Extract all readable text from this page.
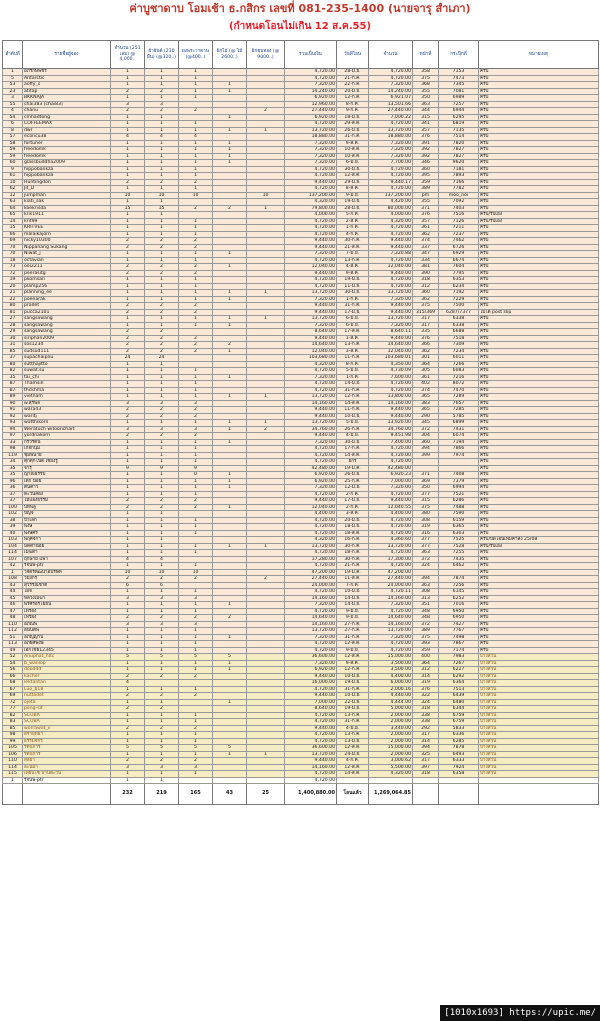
ค่าบูชาดาบ โอมเช้า ธ.กสิกร เลขที่ 081-235-1400 (นายจารุ สำเภา)
(กำหนดโอนไม่เกิน 12 ส.ค.55)
ลำดับที่	รายชื่อผู้จอง	จำนวน (251 เล่ม) @ 4,000..	ผ้ายันต์ (230 ผืน) (@320..)	ผงพระวาดาน (@400..)	ฝักไม้ (@ ไม้ 2600..)	ฝักชุบทอง (@ 9000..)	รวมเป็นเงิน	วันที่โอน	จำนวน	หน้าที่	กระปุ๊กที่	หมายเหตุ
1	อภิรักษ์พชร	1	1	1			4,720.00	28-มิ.ย.	4,720.00	358	7153	ครบ
5	Antarctic	1	1	1			4,720.00	21-ก.ค.	4,720.00	375	7473	ครบ
53	aoffy_s	1	1	1	1		7,320.00	22-ก.ค.	7,320.00	368	7345	ครบ
23	atitap	2	2	1	1		14,240.00	20-มิ.ย.	14,240.00	355	7081	ครบ
3	BKKNAJA	1	1	1			6,920.00	12-ก.ค.	6,921.07	350	6989	ครบ
55	chai383 [chai83]	3	3				12,960.00	8-ก.ค.	13,501.66	363	7257	ครบ
4	chanu	2	2	2		2	27,440.00	9-ก.ค.	27,440.00	344	6944	ครบ
54	cmhadtong	1	1		1		6,920.00	18-มิ.ย.	7,000.22	315	6295	ครบ
6	COFFEEMAX	1	1	1			4,720.00	29-ส.ค.	4,720.00	341	6819	ครบ
8	dwr	1	1	1	1	1	13,720.00	26-มิ.ย.	13,720.00	357	7135	ครบ
57	econcu38	4	4	4			18,880.00	31-ก.ค.	18,880.00	376	7514	ครบ
58	fortuner	1	1	1	1		7,320.00	9-ส.ค.	7,320.00	391	7820	ครบ
59	freedomk	1	1	1	1		7,320.00	10-ส.ค.	7,320.00	392	7827	ครบ
59	freedomk	1	1	1	1		7,320.00	10-ส.ค.	7,320.00	392	7827	ครบ
60	glassbuddha2009	1	1	1	1		7,320.00	6-มิ.ย.	7,700.00	346	9620	ครบ
9	hippobankza	1	1	1			4,720.00	30-มิ.ย.	4,720.00	360	7181	ครบ
61	hippobankza	1	1	1			4,720.00	12-ส.ค.	4,720.00	395	7893	ครบ
10	Huntingdon	2	2	2			9,440.00	29-มิ.ย.	9,440.17	359	7166	ครบ
62	Jit_D	1	1	1			4,720.00	8-ส.ค.	4,720.00	389	7782	ครบ
12	jumpman	10	10	10		10	137,200.00	9-มิ.ย.	137,200.00	pm	moo_noi	ครบ
63	kiati_sak	1	1				4,320.00	19-มิ.ย.	4,420.00	355	7092	ครบ
64	koekrisda	15	15	2	2	1	79,800.00	28-มิ.ย.	80,000.00	371	7403	ครบ
65	kris1911	1	1				4,000.00	5-ก.ค.	4,000.00	376	7516	ครบ/รับเอง
14	krit99	1	1	1			4,720.00	2-ส.ค.	4,320.00	357	7126	ครบ/รับเอง
15	KRITVEE	1	1	1			4,720.00	1-ก.ค.	4,720.00	361	7211	ครบ
66	malaikajorn	1	1	1			4,720.00	4-ก.ค.	4,720.00	362	7237	ครบ
69	nicky10300	2	2	2			9,440.00	30-ก.ค.	9,440.00	374	7462	ครบ
70	Nippanang Sukang	2	2	2			9,440.00	21-ส.ค.	9,440.00	337	6726	ครบ
70	Niwat_j	1	1	1	1		7,320.00	7-มิ.ย.	7,320.88	347	6929	ครบ
18	octavian	1	1	1			4,720.00	13-ก.ค.	4,720.00	334	6674	ครบ
73	ooi2211	2	2	2	1		12,040.00	4-ส.ค.	12,040.00	381	7604	ครบ
72	peerasitg	2	2	2			9,440.00	9-ส.ค.	9,440.00	390	7795	ครบ
19	pkomsan	1	1	1			4,720.00	19-มิ.ย.	4,720.00	318	6353	ครบ
20	plamp256	1	1	1			4,720.00	11-มิ.ย.	4,720.00	312	6234	ครบ
21	planning_ee	1	1	1	1	1	13,720.00	30-มิ.ย.	13,720.00	360	7192	ครบ
22	poenarak	1	1	1	1		7,320.00	1-ก.ค.	7,320.00	362	7229	ครบ
80	pradet	2	2	2			9,440.00	31-ก.ค.	9,440.00	375	7500	ครบ
81	pucca2101	2	2	2			9,440.00	17-มิ.ย.	9,440.00	315/369	6287/7377	ไม่ได้ post slip
27	sangsawang	1	1	1	1	1	13,720.00	6-มิ.ย.	13,720.00	317	6338	ครบ
28	sangsawang	1	1	1	1		7,320.00	6-มิ.ย.	7,320.00	317	6338	ครบ
29	sangsawang	2	2				8,640.00	17-ส.ค.	8,640.11	335	6688	ครบ
30	siriphan2009	2	2	2			9,440.00	1-ส.ค.	9,440.00	376	7518	ครบ
31	sos1234	2	2	2	2		14,640.00	13-ก.ค.	14,640.00	366	7309	ครบ
85	sudsud111	2	2	2	1		12,040.00	3-ส.ค.	12,040.00	362	7234	ครบ
37	supachaipnu	24	24				103,680.00	11-ก.ค.	103,680.01	301	6011	ครบ
80	sutthajitto	1	1				4,320.00	8-ก.ค.	4,350.00	364	7266	ครบ
82	suwat.su	1	1	1			4,720.00	5-มิ.ย.	4,730.09	305	6083	ครบ
35	tai_chi	1	1	1	1		7,320.00	1-ก.ค.	7,600.00	361	7216	ครบ
87	Thamsin	1	1	1			4,720.00	14-มิ.ย.	4,720.00	402	8072	ครบ
87	thckhma	1	1	1			4,720.00	31-ก.ค.	4,720.00	374	7470	ครบ
89	vietnam	1	1	1	1	1	13,720.00	12-ก.ค.	13,800.00	365	7289	ครบ
90	w.สุรพล	3	3	3			14,160.00	14-ส.ค.	14,160.00	383	7657	ครบ
91	wara43	2	2	2			9,440.00	11-ก.ค.	9,440.00	365	7285	ครบ
92	waritj	2	2	2			9,440.00	10-มิ.ย.	9,440.00	290	5785	ครบ
93	watthikorn	1	1	1	1	1	13,720.00	5-มิ.ย.	13,920.00	345	6899	ครบ
94	Weratuch witoonchart	3	3	3	1	2	34,760.00	26-ก.ค.	34,760.00	372	7431	ครบ
97	yordnakorn	2	2	2			9,440.00	4-มิ.ย.	9,451.98	304	6074	ครบ
33	กรวีรัตน์	1	1	1	1		7,320.00	30-มิ.ย.	7,400.00	360	7194	ครบ
98	เกจ้กนุ่ม	1	1	1			4,720.00	17-ก.ค.	4,720.00	394	7866	ครบ
119	ชุมพินาย	1	1	1			4,720.00	14-ส.ค.	4,720.00	399	7974	ครบ
34	ตุ๊กตุ๊กโน้ต เชียงรู	1	1	1			4,720.00	ยกร	4,720.00			ครบ
35	จารุ	9	9	9			42,480.00	19-ม.ค.	42,480.00			ครบ
35	ญาณธรรม	1	1	0	1		6,920.00	26-มิ.ย.	6,920.23	371	7408	ครบ
96	เด็ก น้อย	1	1	1	1		6,920.00	25-ก.ค.	7,000.00	369	7379	ครบ
36	ต้นต่ำว	1	1	1	1		7,320.00	12-มิ.ย.	7,320.00	350	6994	ครบ
37	ตะวันส่อง	1	1	1			4,720.00	2-ก.ค.	4,720.00	377	7521	ครบ
37	ไม้แองธรรม	2	2	2			9,440.00	17-มิ.ย.	9,440.00	315	6286	ครบ
100	บทพลู	2	2	2	1		12,040.00	2-ก.ค.	12,040.55	375	7488	ครบ
102	ปัญจ	1	1				4,400.00	3-ส.ค.	4,400.00	380	7590	ครบ
38	ป้าเล็ก	1	1	1			4,720.00	20-มิ.ย.	4,720.00	308	6159	ครบ
39	พงษ์	1	1	1			4,720.00	18-มิ.ย.	4,720.00	319	6365	ครบ
40	พงษ์ศรี	1	1	1			4,720.00	18-ส.ค.	4,720.00	316	6303	ครบ
103	พฤศจิกา	1	1				4,320.00	16-ก.ค.	4,360.60	377	7525	ครบ/ปิดโอนเพิ่มค่าส่ง 25/08
104	มดดำน้อย	1	1	1	1	1	13,720.00	30-ก.ค.	13,720.00	377	7528	ครบ/รับเอง
114	เมฆดำ	1	1	1			4,720.00	18-ก.ค.	4,720.00	363	7255	ครบ
107	ฤกษาย แพา	4	4				17,280.00	30-ก.ค.	17,300.00	372	7435	ครบ
42	รจนพ-ptr	1	1	1			4,720.00	21-ก.ค.	4,720.00	324	6462	ครบ
1	วิจิตรพัฒนาอบริษัท	10	10	10			47,200.00	19-ม.ค.	47,200.00			ครบ
108	วิมังกร	2	2	2		2	27,440.00	11-ส.ค.	27,440.00	394	7874	ครบ
43	สุวรรณชาติ	6	6				24,000.00	7-ก.ค.	24,000.00	363	7256	ครบ
44	ไอจิ	1	1	1			4,720.00	10-มิ.ย.	4,720.11	308	6145	ครบ
45	หลวงเมฆา	3	3	3			14,160.00	14-มิ.ย.	14,160.00	313	6252	ครบ
46	พรศรีอรโยธิน	1	1	1	1		7,320.00	14-มิ.ย.	7,320.00	351	7016	ครบ
47	เฟร่อง	1	1	1			4,720.00	9-มิ.ย.	4,720.00	348	6950	ครบ
48	เฟร่อง	2	2	2	2		14,640.00	9-มิ.ย.	14,640.00	348	6950	ครบ
110	อภิณพ	3	3	3			14,160.00	27-ก.ค.	14,160.00	372	7427	ครบ
112	อนันตพ	1	1	1			13,720.00	27-ก.ค.	13,720.00	389	7767	ครบ
51	อภิญญาปี	1	1	1	1		7,320.00	31-ก.ค.	7,320.00	375	7498	ครบ
113	อภิยศพงษ์	1	1	1			4,720.00	12-ส.ค.	4,720.00	393	7867	ครบ
49	เอกไชย12345	1	1	1			4,720.00	9-มิ.ย.	4,720.00	359	7174	ครบ
52	Anuphat_hltc	5	5	5	5		36,600.00	12-ส.ค.	15,000.00	400	7983	บางส่วน
54	b_wanlop	1	1	1	1		7,320.00	9-ส.ค.	3,500.00	364	7267	บางส่วน
56	dooddd	1	1	1	1		6,920.00	12-ก.ค.	3,500.00	312	6227	บางส่วน
66	kacher	2	2	2			9,440.00	10-มิ.ย.	4,400.00	314	6292	บางส่วน
68	lektantan	4					16,000.00	19-มิ.ย.	6,000.00	319	6364	บางส่วน
67	Luo_b18	1	1	1			4,720.00	31-ก.ค.	2,000.16	376	7513	บางส่วน
69	nuttadet	2	2	2			9,440.00	10-มิ.ย.	4,440.00	322	6439	บางส่วน
72	ojeta	1	1		1		7,000.00	22-มิ.ย.	4,444.00	324	6480	บางส่วน
77	pong-sit	2	2				8,640.00	19-มิ.ย.	5,000.00	318	6344	บางส่วน
82	SCUBA	1	1	1			4,720.00	13-ก.ค.	2,000.00	338	6759	บางส่วน
83	SCUBA	1	1	1			4,720.00	31-ก.ค.	2,000.00	338	6759	บางส่วน
85	worrawat_v	2	2	2			9,440.00	4-มิ.ย.	3,440.00	292	5833	บางส่วน
98	ตรายุทธา	1	1	1			4,720.00	13-ก.ค.	2,000.00	317	6336	บางส่วน
99	ธรรมจักร	1	1	1			4,720.00	13-มิ.ย.	2,000.00	314	6285	บางส่วน
105	รัตนการ	5	5	5	5		36,600.00	12-ส.ค.	15,000.00	394	7878	บางส่วน
106	รัตนการ	1	1	1	1	1	13,720.00	24-มิ.ย.	2,000.00	325	6493	บางส่วน
110	สีลยา	2	2	2			9,440.00	4-ก.ค.	3,000.62	317	6333	บางส่วน
114	อะนิมา	3	3	3			14,160.00	12-ส.ค.	5,500.00	397	7924	บางส่วน
115	เทียนไซ ปานตะวัน	1	1	1			4,720.00	14-ส.ค.	4,320.00	318	6358	บางส่วน
1	รจนพ-ptr	1	1				4,720.00					
		232	219	165	43	25	1,400,880.00	โอนแล้ว	1,269,064.85			
[1010x1693] https://upic.me/
